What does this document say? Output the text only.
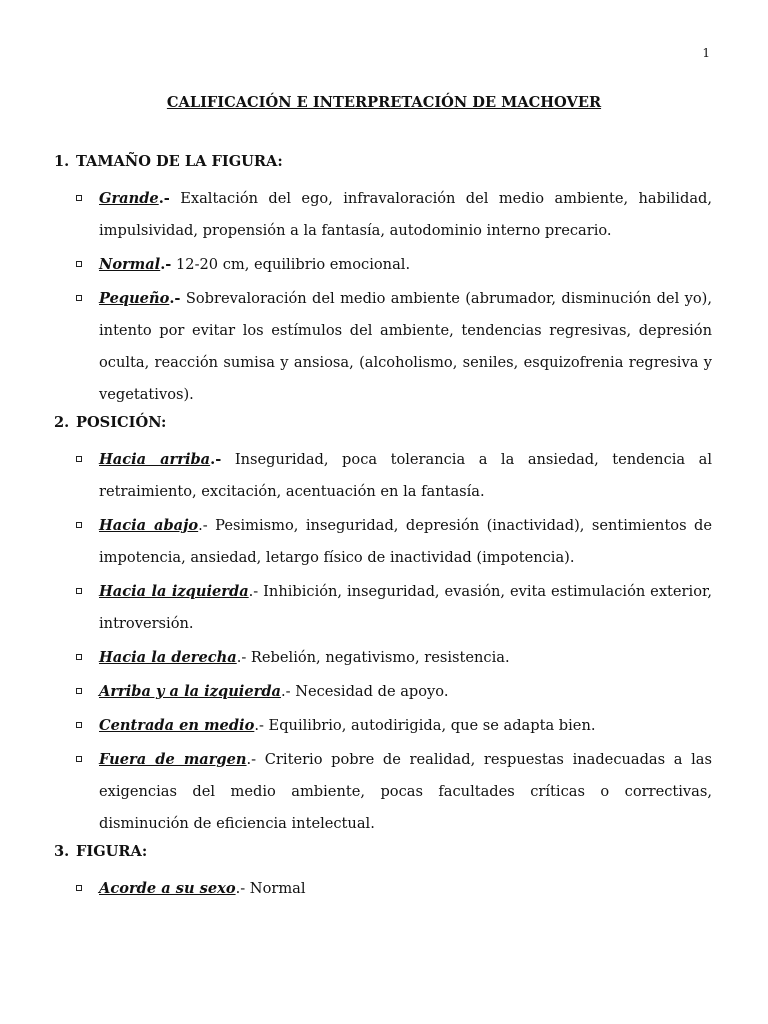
1
CALIFICACIÓN E INTERPRETACIÓN DE MACHOVER
1. TAMAÑO DE LA FIGURA:
Grande.- Exaltación del ego, infravaloración del medio ambiente, habilidad, impulsividad, propensión a la fantasía, autodominio interno precario.
Normal.- 12-20 cm, equilibrio emocional.
Pequeño.- Sobrevaloración del medio ambiente (abrumador, disminución del yo), intento por evitar los estímulos del ambiente, tendencias regresivas, depresión oculta, reacción sumisa y ansiosa, (alcoholismo, seniles, esquizofrenia regresiva y vegetativos).
2. POSICIÓN:
Hacia arriba.- Inseguridad, poca tolerancia a la ansiedad, tendencia al retraimiento, excitación, acentuación en la fantasía.
Hacia abajo.- Pesimismo, inseguridad, depresión (inactividad), sentimientos de impotencia, ansiedad, letargo físico de inactividad (impotencia).
Hacia la izquierda.- Inhibición, inseguridad, evasión, evita estimulación exterior, introversión.
Hacia la derecha.- Rebelión, negativismo, resistencia.
Arriba y a la izquierda.- Necesidad de apoyo.
Centrada en medio.- Equilibrio, autodirigida, que se adapta bien.
Fuera de margen.- Criterio pobre de realidad, respuestas inadecuadas a las exigencias del medio ambiente, pocas facultades críticas o correctivas, disminución de eficiencia intelectual.
3. FIGURA:
Acorde a su sexo.- Normal
